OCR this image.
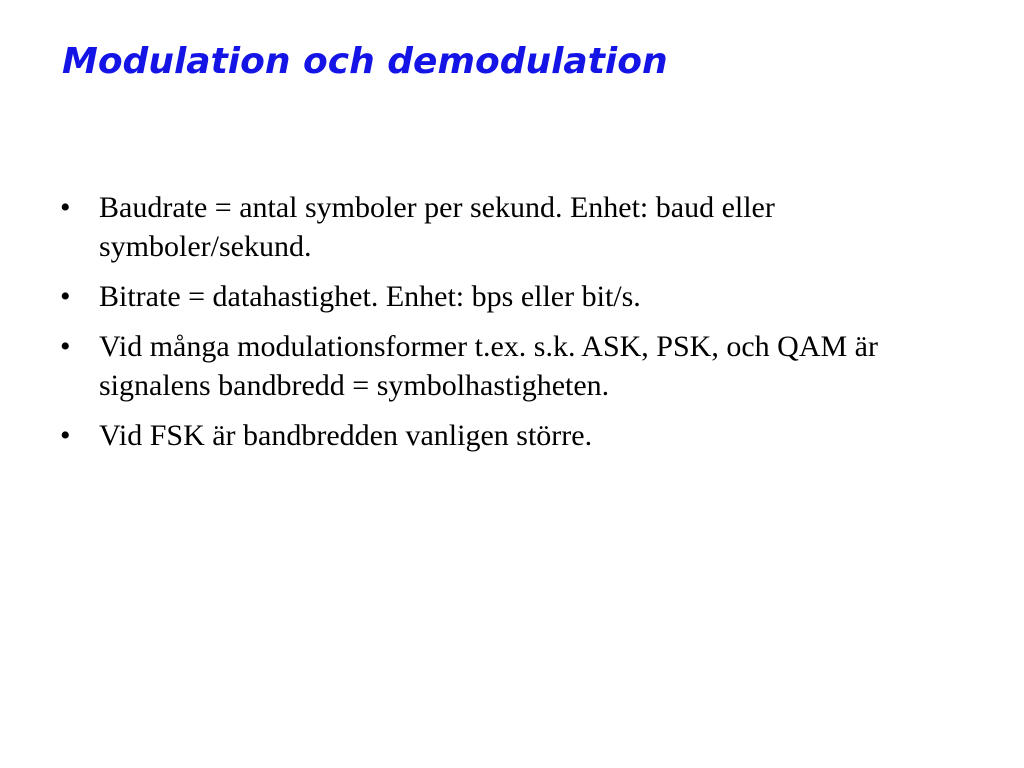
Modulation och demodulation
• Baudrate = antal symboler per sekund. Enhet: baud eller symboler/sekund.
• Bitrate = datahastighet. Enhet: bps eller bit/s.
• Vid många modulationsformer t.ex. s.k. ASK, PSK, och QAM är signalens bandbredd = symbolhastigheten.
• Vid FSK är bandbredden vanligen större.
